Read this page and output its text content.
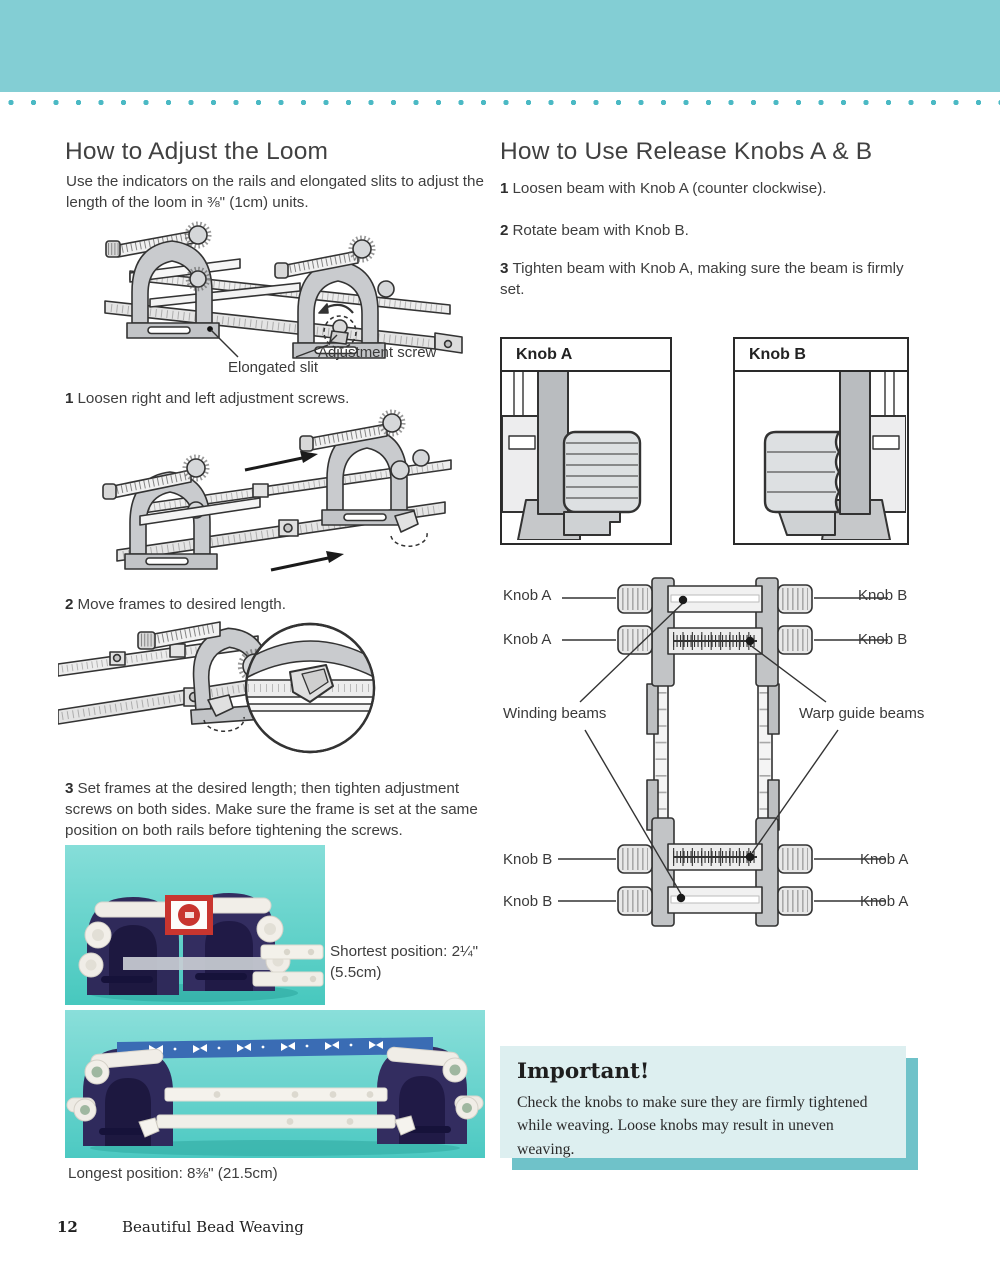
How to Adjust the Loom

Use the indicators on the rails and elongated slits to adjust the length of the loom in ⅜" (1cm) units.

Adjustment screw
Elongated slit

1 Loosen right and left adjustment screws.

2 Move frames to desired length.

3 Set frames at the desired length; then tighten adjustment screws on both sides. Make sure the frame is set at the same position on both rails before tightening the screws.

Shortest position: 2¼" (5.5cm)
Longest position: 8⅜" (21.5cm)
How to Use Release Knobs A & B

1 Loosen beam with Knob A (counter clockwise).

2 Rotate beam with Knob B.

3 Tighten beam with Knob A, making sure the beam is firmly set.

Knob A	Knob B
Knob A
Knob A
Knob B
Knob B
Winding beams	Warp guide beams
Knob B
Knob B
Knob A
Knob A
Important!
Check the knobs to make sure they are firmly tightened while weaving. Loose knobs may result in uneven weaving.
12	Beautiful Bead Weaving
